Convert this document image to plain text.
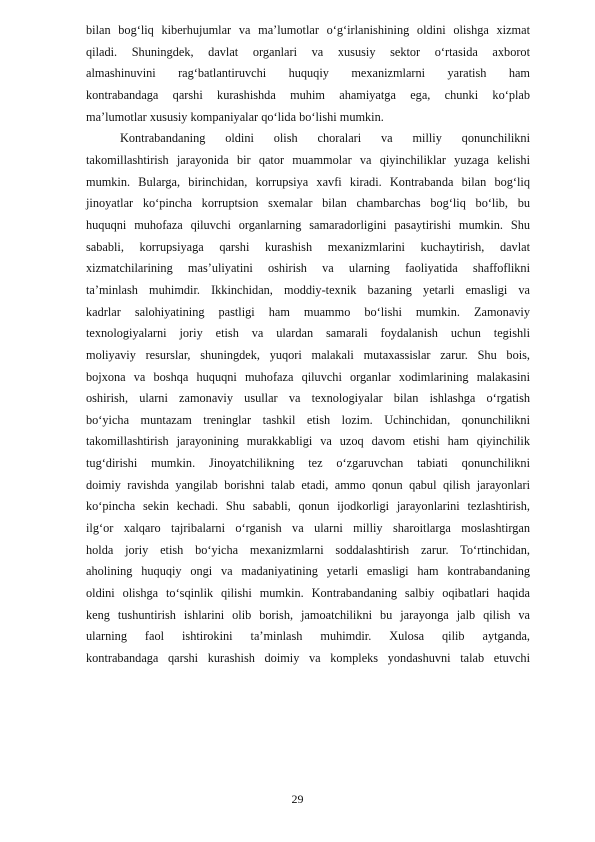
bilan bog‘liq kiberhujumlar va ma’lumotlar o‘g‘irlanishining oldini olishga xizmat
qiladi. Shuningdek, davlat organlari va xususiy sektor o‘rtasida axborot
almashinuvini rag‘batlantiruvchi huquqiy mexanizmlarni yaratish ham
kontrabandaga qarshi kurashishda muhim ahamiyatga ega, chunki ko‘plab
ma’lumotlar xususiy kompaniyalar qo‘lida bo‘lishi mumkin.
Kontrabandaning oldini olish choralari va milliy qonunchilikni
takomillashtirish jarayonida bir qator muammolar va qiyinchiliklar yuzaga kelishi
mumkin. Bularga, birinchidan, korrupsiya xavfi kiradi. Kontrabanda bilan bog‘liq
jinoyatlar ko‘pincha korruptsion sxemalar bilan chambarchas bog‘liq bo‘lib, bu
huquqni muhofaza qiluvchi organlarning samaradorligini pasaytirishi mumkin. Shu
sababli, korrupsiyaga qarshi kurashish mexanizmlarini kuchaytirish, davlat
xizmatchilarining mas’uliyatini oshirish va ularning faoliyatida shaffoflikni
ta’minlash muhimdir. Ikkinchidan, moddiy-texnik bazaning yetarli emasligi va
kadrlar salohiyatining pastligi ham muammo bo‘lishi mumkin. Zamonaviy
texnologiyalarni joriy etish va ulardan samarali foydalanish uchun tegishli
moliyaviy resurslar, shuningdek, yuqori malakali mutaxassislar zarur. Shu bois,
bojxona va boshqa huquqni muhofaza qiluvchi organlar xodimlarining malakasini
oshirish, ularni zamonaviy usullar va texnologiyalar bilan ishlashga o‘rgatish
bo‘yicha muntazam treninglar tashkil etish lozim. Uchinchidan, qonunchilikni
takomillashtirish jarayonining murakkabligi va uzoq davom etishi ham qiyinchilik
tug‘dirishi mumkin. Jinoyatchilikning tez o‘zgaruvchan tabiati qonunchilikni
doimiy ravishda yangilab borishni talab etadi, ammo qonun qabul qilish jarayonlari
ko‘pincha sekin kechadi. Shu sababli, qonun ijodkorligi jarayonlarini tezlashtirish,
ilg‘or xalqaro tajribalarni o‘rganish va ularni milliy sharoitlarga moslashtirgan
holda joriy etish bo‘yicha mexanizmlarni soddalashtirish zarur. To‘rtinchidan,
aholining huquqiy ongi va madaniyatining yetarli emasligi ham kontrabandaning
oldini olishga to‘sqinlik qilishi mumkin. Kontrabandaning salbiy oqibatlari haqida
keng tushuntirish ishlarini olib borish, jamoatchilikni bu jarayonga jalb qilish va
ularning faol ishtirokini ta’minlash muhimdir. Xulosa qilib aytganda,
kontrabandaga qarshi kurashish doimiy va kompleks yondashuvni talab etuvchi
29
